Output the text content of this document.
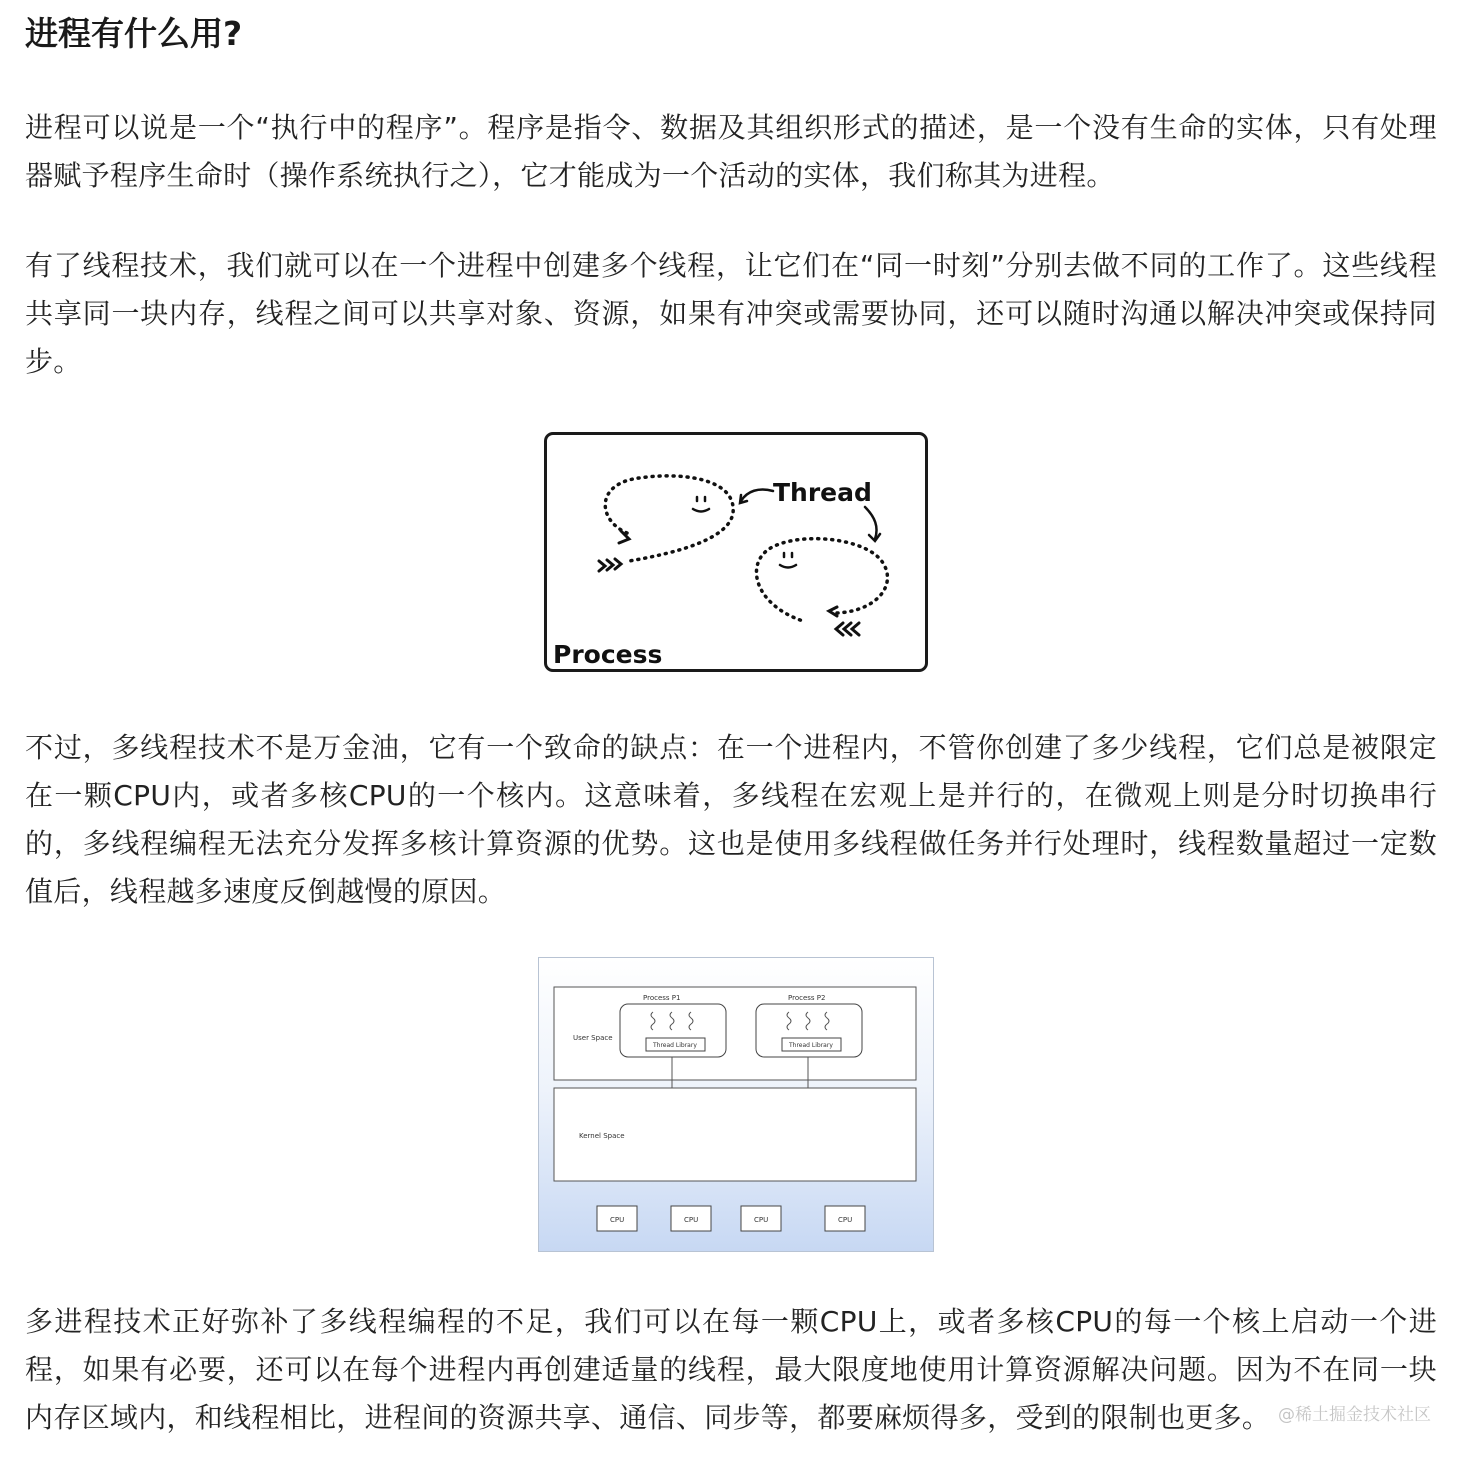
进程有什么用?

进程可以说是一个“执行中的程序”。程序是指令、数据及其组织形式的描述，是一个没有生命的实体，只有处理器赋予程序生命时（操作系统执行之），它才能成为一个活动的实体，我们称其为进程。

有了线程技术，我们就可以在一个进程中创建多个线程，让它们在“同一时刻”分别去做不同的工作了。这些线程共享同一块内存，线程之间可以共享对象、资源，如果有冲突或需要协同，还可以随时沟通以解决冲突或保持同步。

不过，多线程技术不是万金油，它有一个致命的缺点：在一个进程内，不管你创建了多少线程，它们总是被限定在一颗CPU内，或者多核CPU的一个核内。这意味着，多线程在宏观上是并行的，在微观上则是分时切换串行的，多线程编程无法充分发挥多核计算资源的优势。这也是使用多线程做任务并行处理时，线程数量超过一定数值后，线程越多速度反倒越慢的原因。

多进程技术正好弥补了多线程编程的不足，我们可以在每一颗CPU上，或者多核CPU的每一个核上启动一个进程，如果有必要，还可以在每个进程内再创建适量的线程，最大限度地使用计算资源解决问题。因为不在同一块内存区域内，和线程相比，进程间的资源共享、通信、同步等，都要麻烦得多，受到的限制也更多。

Thread
Process
User Space
Process P1
Thread Library
Process P2
Thread Library
Kernel Space
CPU	CPU	CPU	CPU
@稀土掘金技术社区
